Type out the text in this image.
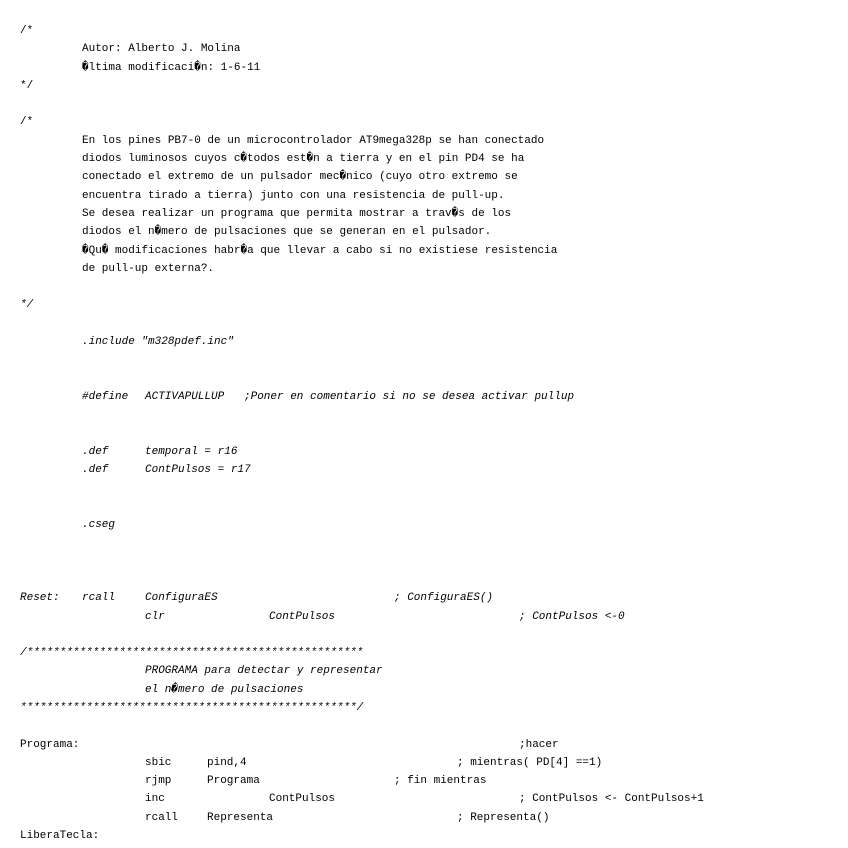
/*
Autor: Alberto J. Molina
�ltima modificaci�n: 1-6-11
*/
/*
En los pines PB7-0 de un microcontrolador AT9mega328p se han conectado
diodos luminosos cuyos c�todos est�n a tierra y en el pin PD4 se ha
conectado el extremo de un pulsador mec�nico (cuyo otro extremo se
encuentra tirado a tierra) junto con una resistencia de pull-up.
Se desea realizar un programa que permita mostrar a trav�s de los
diodos el n�mero de pulsaciones que se generan en el pulsador.
�Qu� modificaciones habr�a que llevar a cabo si no existiese resistencia
de pull-up externa?.
*/
.include "m328pdef.inc"
#define ACTIVAPULLUP ;Poner en comentario si no se desea activar pullup
.def	temporal = r16
.def	ContPulsos = r17
.cseg
Reset: rcall	ConfiguraES	; ConfiguraES()
clr	ContPulsos	; ContPulsos <-0
/***************************************************
PROGRAMA para detectar y representar
el n�mero de pulsaciones
***************************************************/
Programa:	;hacer
sbic	pind,4	; mientras( PD[4] ==1)
rjmp	Programa	; fin mientras
inc	ContPulsos	; ContPulsos <- ContPulsos+1
rcall	Representa	; Representa()
LiberaTecla:
